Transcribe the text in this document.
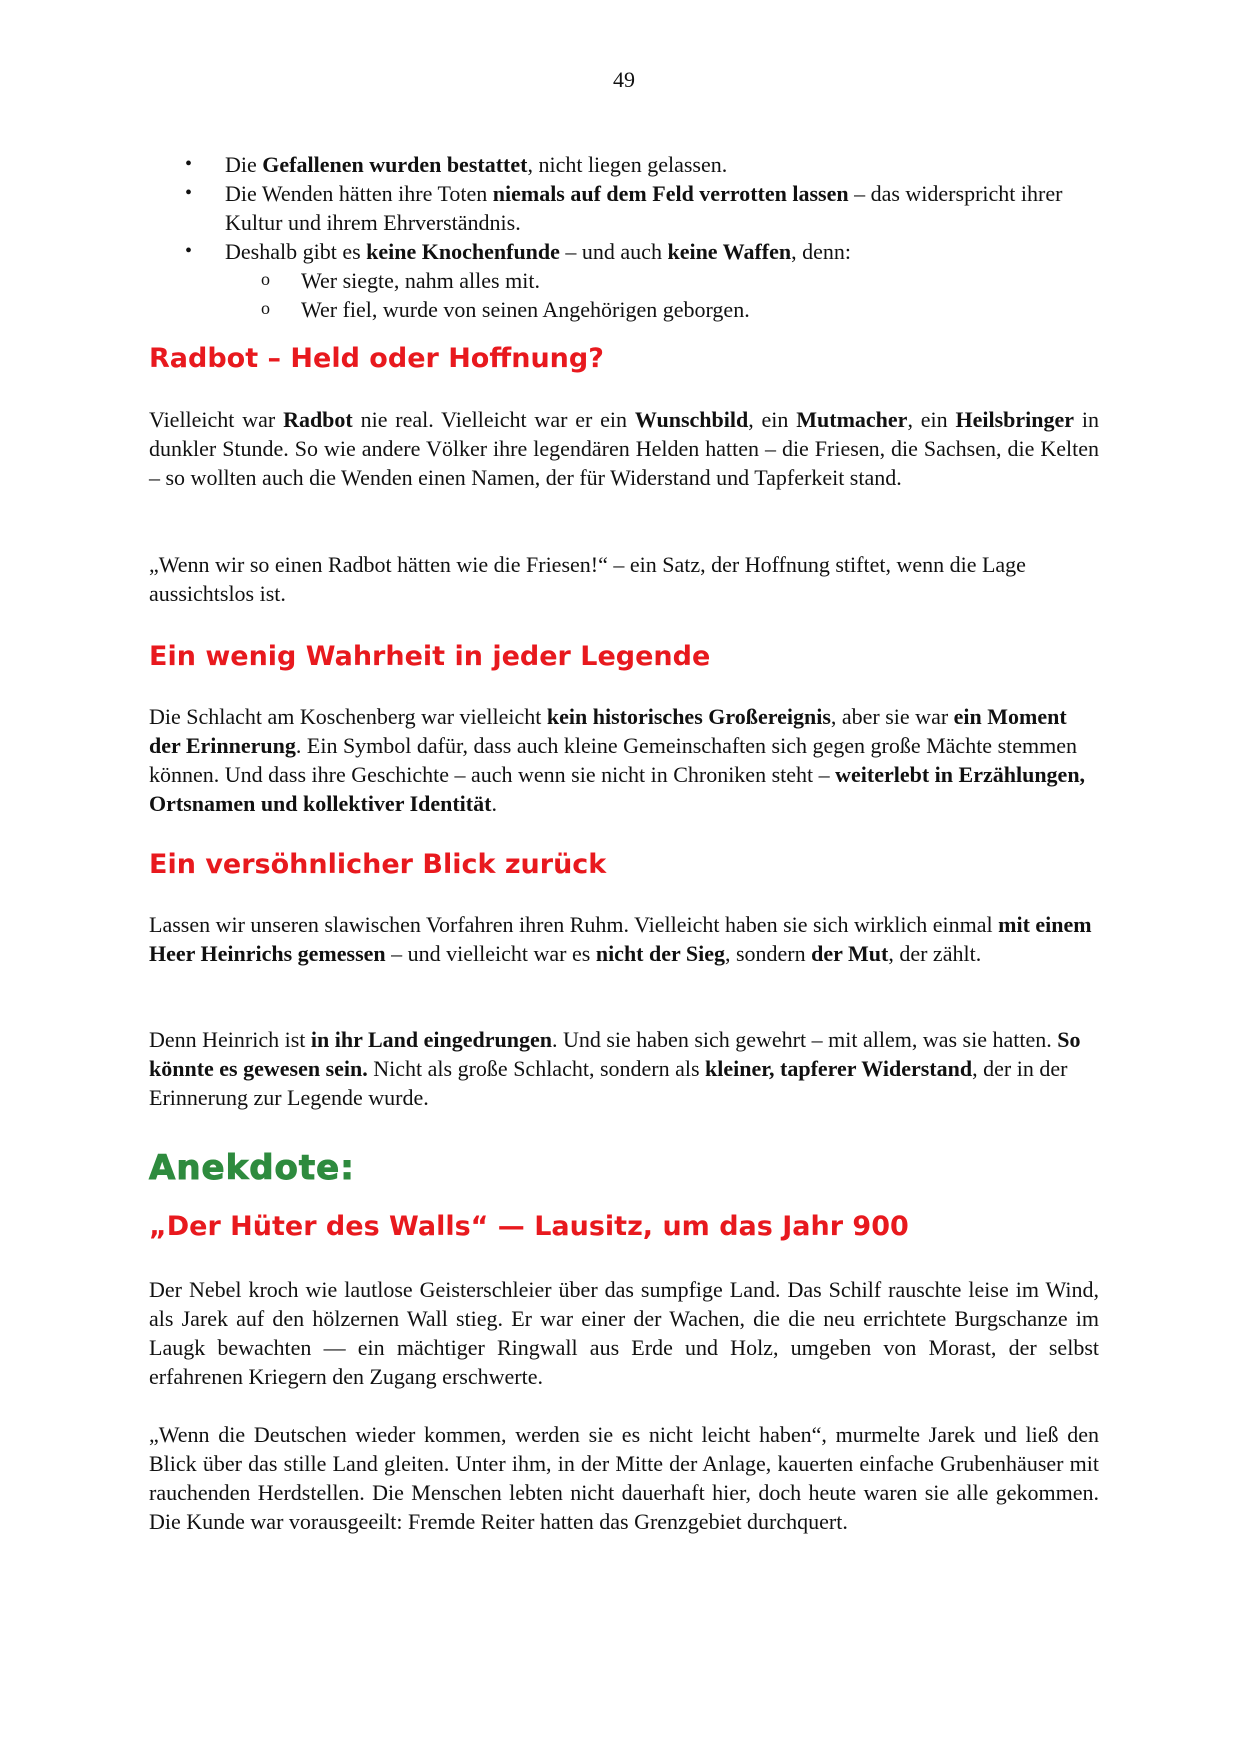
49
• Die Gefallenen wurden bestattet, nicht liegen gelassen.
• Die Wenden hätten ihre Toten niemals auf dem Feld verrotten lassen – das widerspricht ihrer Kultur und ihrem Ehrverständnis.
• Deshalb gibt es keine Knochenfunde – und auch keine Waffen, denn:
o Wer siegte, nahm alles mit.
o Wer fiel, wurde von seinen Angehörigen geborgen.
Radbot – Held oder Hoffnung?

Vielleicht war Radbot nie real. Vielleicht war er ein Wunschbild, ein Mutmacher, ein Heilsbringer in dunkler Stunde. So wie andere Völker ihre legendären Helden hatten – die Friesen, die Sachsen, die Kelten – so wollten auch die Wenden einen Namen, der für Widerstand und Tapferkeit stand.

„Wenn wir so einen Radbot hätten wie die Friesen!“ – ein Satz, der Hoffnung stiftet, wenn die Lage aussichtslos ist.

Ein wenig Wahrheit in jeder Legende

Die Schlacht am Koschenberg war vielleicht kein historisches Großereignis, aber sie war ein Moment der Erinnerung. Ein Symbol dafür, dass auch kleine Gemeinschaften sich gegen große Mächte stemmen können. Und dass ihre Geschichte – auch wenn sie nicht in Chroniken steht – weiterlebt in Erzählungen, Ortsnamen und kollektiver Identität.

Ein versöhnlicher Blick zurück

Lassen wir unseren slawischen Vorfahren ihren Ruhm. Vielleicht haben sie sich wirklich einmal mit einem Heer Heinrichs gemessen – und vielleicht war es nicht der Sieg, sondern der Mut, der zählt.

Denn Heinrich ist in ihr Land eingedrungen. Und sie haben sich gewehrt – mit allem, was sie hatten. So könnte es gewesen sein. Nicht als große Schlacht, sondern als kleiner, tapferer Widerstand, der in der Erinnerung zur Legende wurde.

Anekdote:
„Der Hüter des Walls“ — Lausitz, um das Jahr 900

Der Nebel kroch wie lautlose Geisterschleier über das sumpfige Land. Das Schilf rauschte leise im Wind, als Jarek auf den hölzernen Wall stieg. Er war einer der Wachen, die die neu errichtete Burgschanze im Laugk bewachten — ein mächtiger Ringwall aus Erde und Holz, umgeben von Morast, der selbst erfahrenen Kriegern den Zugang erschwerte.

„Wenn die Deutschen wieder kommen, werden sie es nicht leicht haben“, murmelte Jarek und ließ den Blick über das stille Land gleiten. Unter ihm, in der Mitte der Anlage, kauerten einfache Grubenhäuser mit rauchenden Herdstellen. Die Menschen lebten nicht dauerhaft hier, doch heute waren sie alle gekommen. Die Kunde war vorausgeeilt: Fremde Reiter hatten das Grenzgebiet durchquert.
